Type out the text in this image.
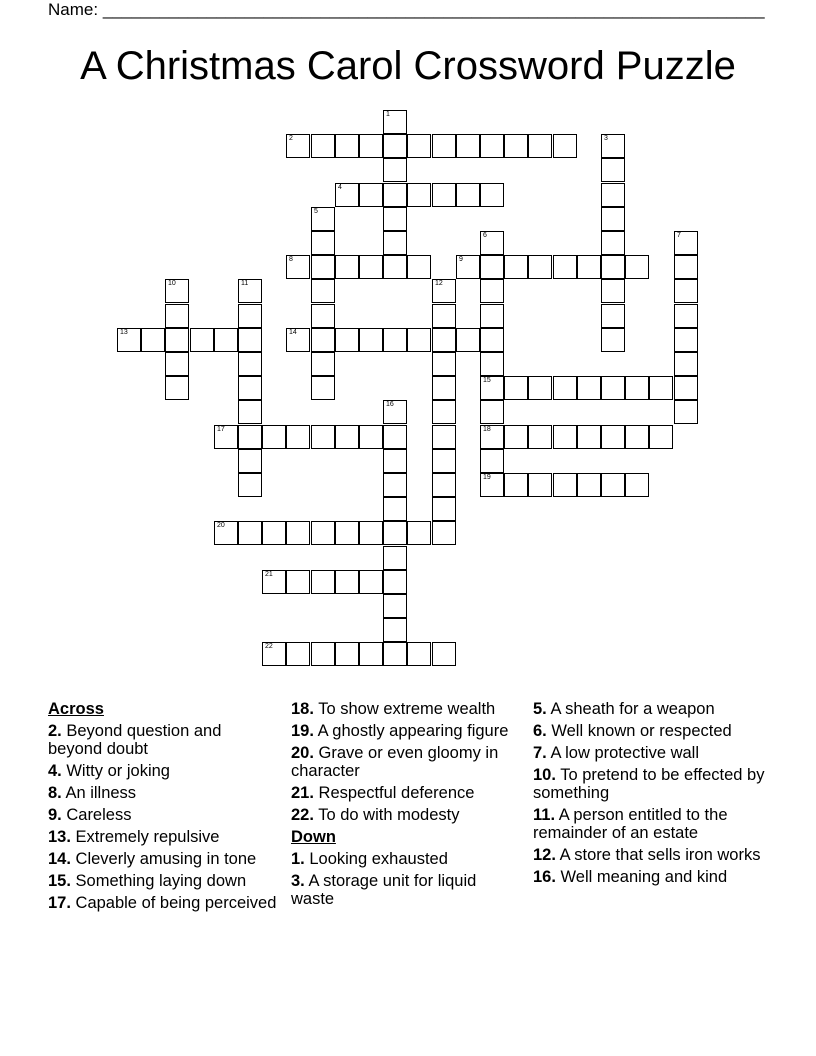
Name: ______________________________________________________________________
A Christmas Carol Crossword Puzzle
1
2	3
4
5
6
15
18
19
7
8	9
10	11	12
13	14
16
17
20
21
22
Across
2. Beyond question and beyond doubt
4. Witty or joking
8. An illness
9. Careless
13. Extremely repulsive
14. Cleverly amusing in tone
15. Something laying down
17. Capable of being perceived
18. To show extreme wealth
19. A ghostly appearing figure
20. Grave or even gloomy in character
21. Respectful deference
22. To do with modesty
Down
1. Looking exhausted
3. A storage unit for liquid waste
5. A sheath for a weapon
6. Well known or respected
7. A low protective wall
10. To pretend to be effected by something
11. A person entitled to the remainder of an estate
12. A store that sells iron works
16. Well meaning and kind
